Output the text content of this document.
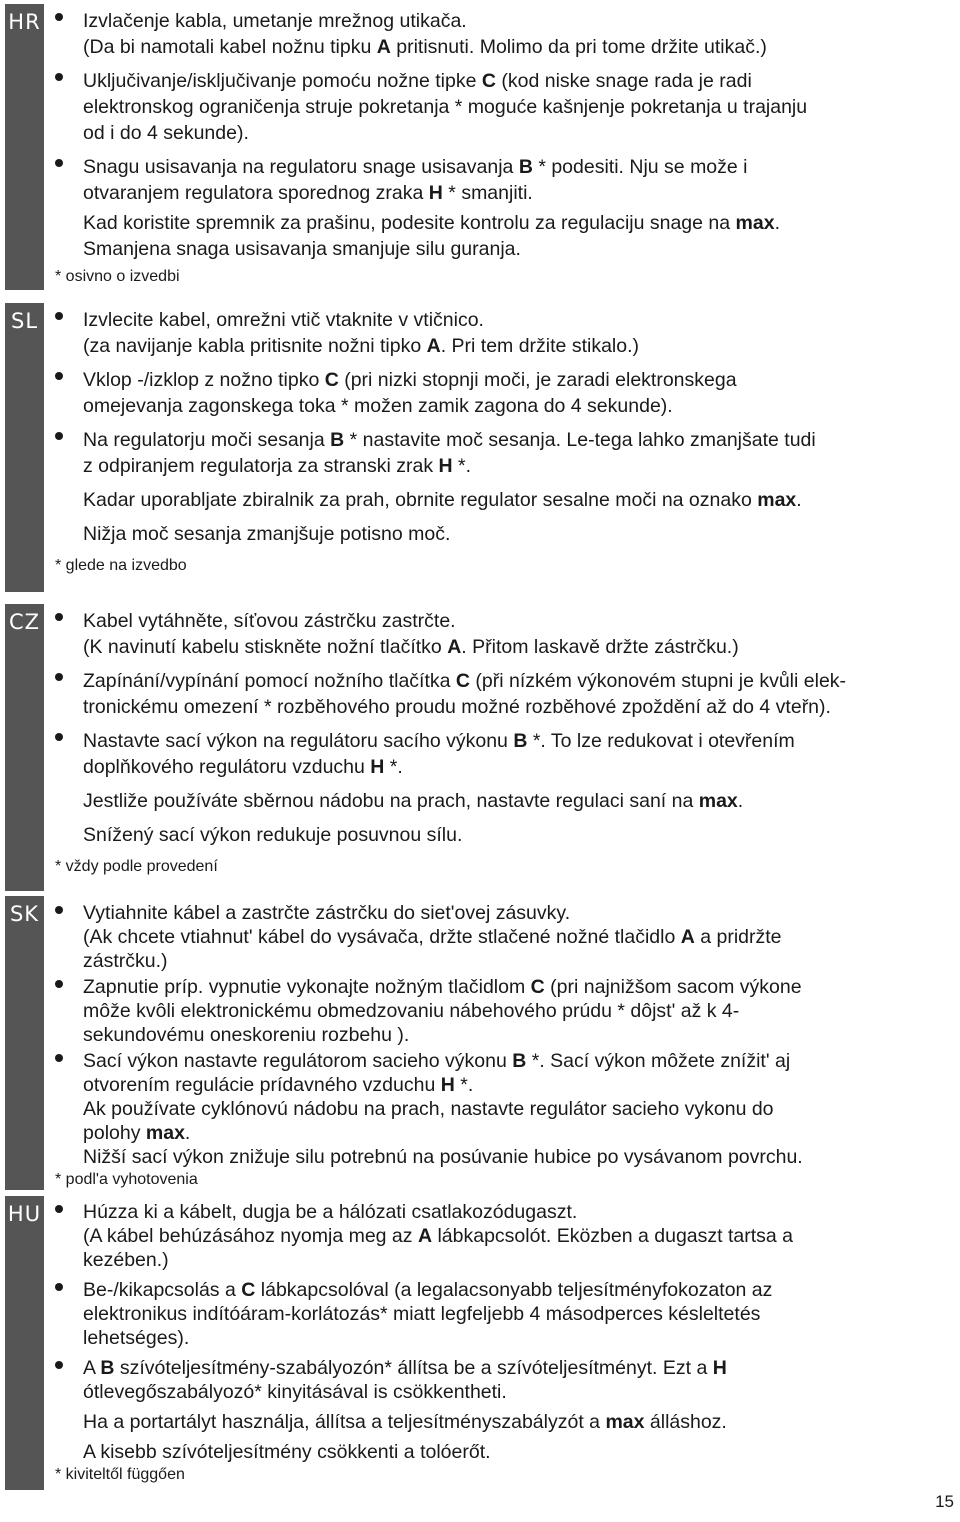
HR Izvlačenje kabla, umetanje mrežnog utikača.
(Da bi namotali kabel nožnu tipku A pritisnuti. Molimo da pri tome držite utikač.)
Uključivanje/isključivanje pomoću nožne tipke C (kod niske snage rada je radi
elektronskog ograničenja struje pokretanja * moguće kašnjenje pokretanja u trajanju
od i do 4 sekunde).
Snagu usisavanja na regulatoru snage usisavanja B * podesiti. Nju se može i
otvaranjem regulatora sporednog zraka H * smanjiti.
Kad koristite spremnik za prašinu, podesite kontrolu za regulaciju snage na max.
Smanjena snaga usisavanja smanjuje silu guranja.
* osivno o izvedbi
SL	Izvlecite kabel, omrežni vtič vtaknite v vtičnico.
(za navijanje kabla pritisnite nožni tipko A. Pri tem držite stikalo.)
Vklop -/izklop z nožno tipko C (pri nizki stopnji moči, je zaradi elektronskega
omejevanja zagonskega toka * možen zamik zagona do 4 sekunde).
Na regulatorju moči sesanja B * nastavite moč sesanja. Le-tega lahko zmanjšate tudi
z odpiranjem regulatorja za stranski zrak H *.
Kadar uporabljate zbiralnik za prah, obrnite regulator sesalne moči na oznako max.
Nižja moč sesanja zmanjšuje potisno moč.
* glede na izvedbo
CZ Kabel vytáhněte, síťovou zástrčku zastrčte.
(K navinutí kabelu stiskněte nožní tlačítko A. Přitom laskavě držte zástrčku.)
Zapínání/vypínání pomocí nožního tlačítka C (při nízkém výkonovém stupni je kvůli elek-
tronickému omezení * rozběhového proudu možné rozběhové zpoždění až do 4 vteřn).
Nastavte sací výkon na regulátoru sacího výkonu B *. To lze redukovat i otevřením
doplňkového regulátoru vzduchu H *.
Jestliže používáte sběrnou nádobu na prach, nastavte regulaci saní na max.
Snížený sací výkon redukuje posuvnou sílu.
* vždy podle provedení
SK Vytiahnite kábel a zastrčte zástrčku do siet'ovej zásuvky.
(Ak chcete vtiahnut' kábel do vysávača, držte stlačené nožné tlačidlo A a pridržte
zástrčku.)
Zapnutie príp. vypnutie vykonajte nožným tlačidlom C (pri najnižšom sacom výkone
môže kvôli elektronickému obmedzovaniu nábehového prúdu * dôjst' až k 4-
sekundovému oneskoreniu rozbehu ).
Sací výkon nastavte regulátorom sacieho výkonu B *. Sací výkon môžete znížit' aj
otvorením regulácie prídavného vzduchu H *.
Ak používate cyklónovú nádobu na prach, nastavte regulátor sacieho vykonu do
polohy max.
Nižší sací výkon znižuje silu potrebnú na posúvanie hubice po vysávanom povrchu.
* podl'a vyhotovenia
HU Húzza ki a kábelt, dugja be a hálózati csatlakozódugaszt.
(A kábel behúzásához nyomja meg az A lábkapcsolót. Eközben a dugaszt tartsa a
kezében.)
Be-/kikapcsolás a C lábkapcsolóval (a legalacsonyabb teljesítményfokozaton az
elektronikus indítóáram-korlátozás* miatt legfeljebb 4 másodperces késleltetés
lehetséges).
A B szívóteljesítmény-szabályozón* állítsa be a szívóteljesítményt. Ezt a H
ótlevegőszabályozó* kinyitásával is csökkentheti.
Ha a portartályt használja, állítsa a teljesítményszabályzót a max álláshoz.
A kisebb szívóteljesítmény csökkenti a tolóerőt.
* kiviteltől függően
15
